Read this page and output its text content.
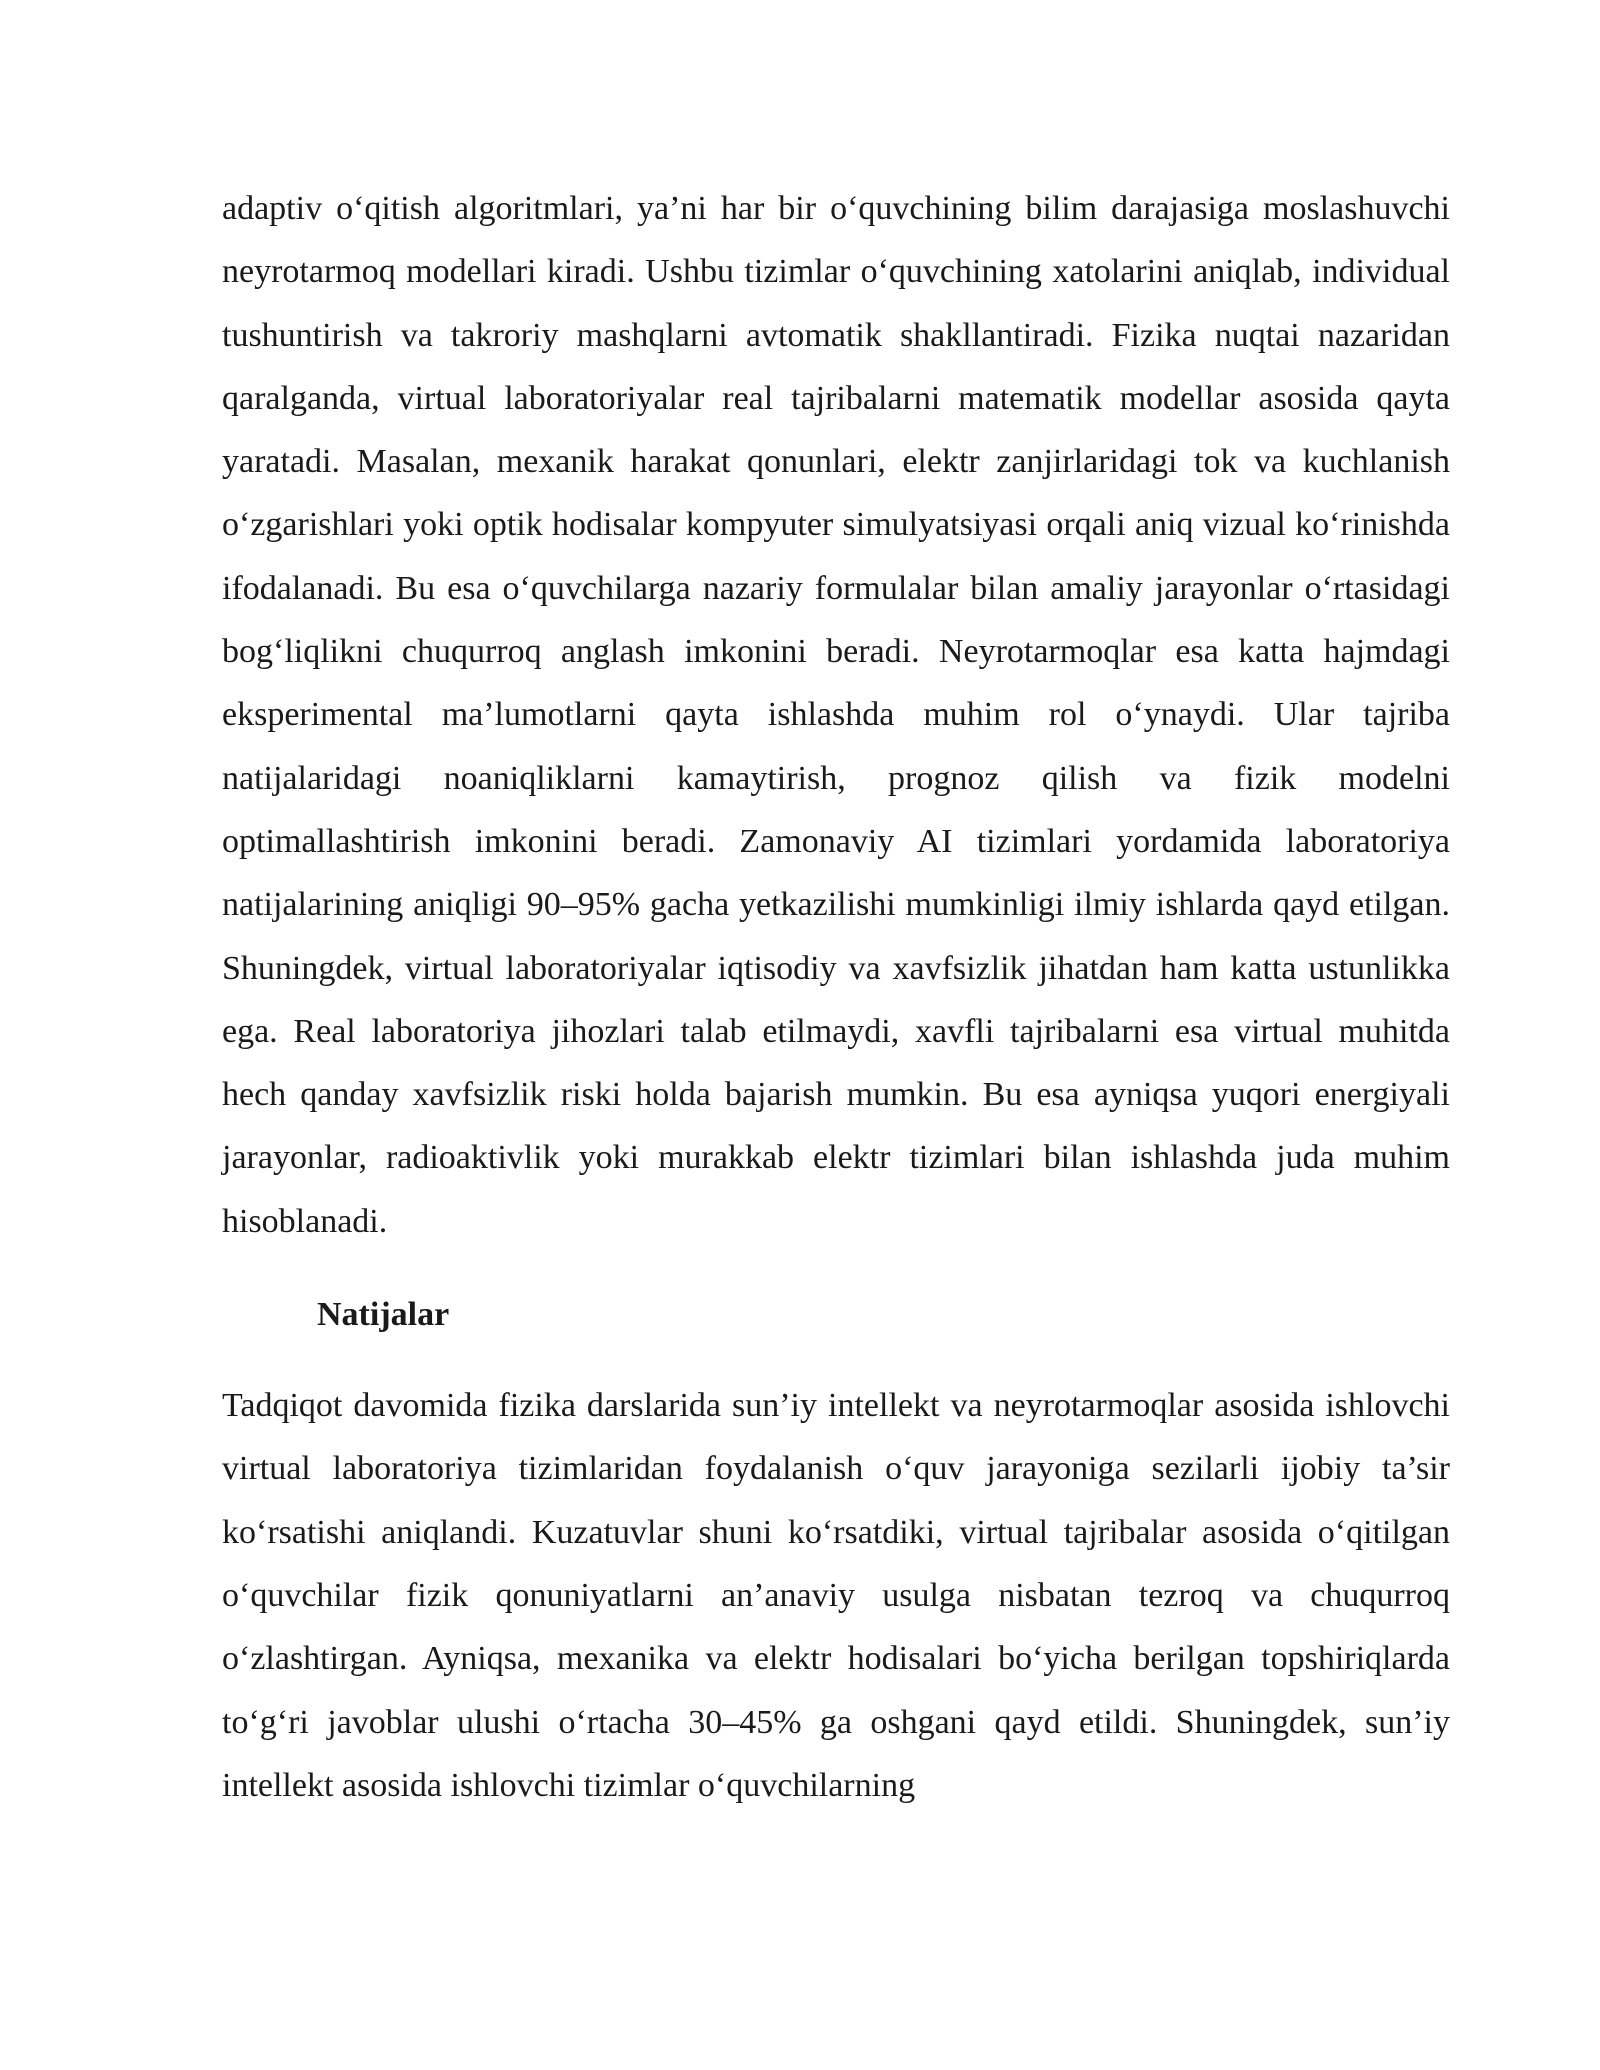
adaptiv o‘qitish algoritmlari, ya’ni har bir o‘quvchining bilim darajasiga moslashuvchi neyrotarmoq modellari kiradi. Ushbu tizimlar o‘quvchining xatolarini aniqlab, individual tushuntirish va takroriy mashqlarni avtomatik shakllantiradi. Fizika nuqtai nazaridan qaralganda, virtual laboratoriyalar real tajribalarni matematik modellar asosida qayta yaratadi. Masalan, mexanik harakat qonunlari, elektr zanjirlaridagi tok va kuchlanish o‘zgarishlari yoki optik hodisalar kompyuter simulyatsiyasi orqali aniq vizual ko‘rinishda ifodalanadi. Bu esa o‘quvchilarga nazariy formulalar bilan amaliy jarayonlar o‘rtasidagi bog‘liqlikni chuqurroq anglash imkonini beradi. Neyrotarmoqlar esa katta hajmdagi eksperimental ma’lumotlarni qayta ishlashda muhim rol o‘ynaydi. Ular tajriba natijalaridagi noaniqliklarni kamaytirish, prognoz qilish va fizik modelni optimallashtirish imkonini beradi. Zamonaviy AI tizimlari yordamida laboratoriya natijalarining aniqligi 90–95% gacha yetkazilishi mumkinligi ilmiy ishlarda qayd etilgan. Shuningdek, virtual laboratoriyalar iqtisodiy va xavfsizlik jihatdan ham katta ustunlikka ega. Real laboratoriya jihozlari talab etilmaydi, xavfli tajribalarni esa virtual muhitda hech qanday xavfsizlik riski holda bajarish mumkin. Bu esa ayniqsa yuqori energiyali jarayonlar, radioaktivlik yoki murakkab elektr tizimlari bilan ishlashda juda muhim hisoblanadi.

Natijalar

Tadqiqot davomida fizika darslarida sun’iy intellekt va neyrotarmoqlar asosida ishlovchi virtual laboratoriya tizimlaridan foydalanish o‘quv jarayoniga sezilarli ijobiy ta’sir ko‘rsatishi aniqlandi. Kuzatuvlar shuni ko‘rsatdiki, virtual tajribalar asosida o‘qitilgan o‘quvchilar fizik qonuniyatlarni an’anaviy usulga nisbatan tezroq va chuqurroq o‘zlashtirgan. Ayniqsa, mexanika va elektr hodisalari bo‘yicha berilgan topshiriqlarda to‘g‘ri javoblar ulushi o‘rtacha 30–45% ga oshgani qayd etildi. Shuningdek, sun’iy intellekt asosida ishlovchi tizimlar o‘quvchilarning
